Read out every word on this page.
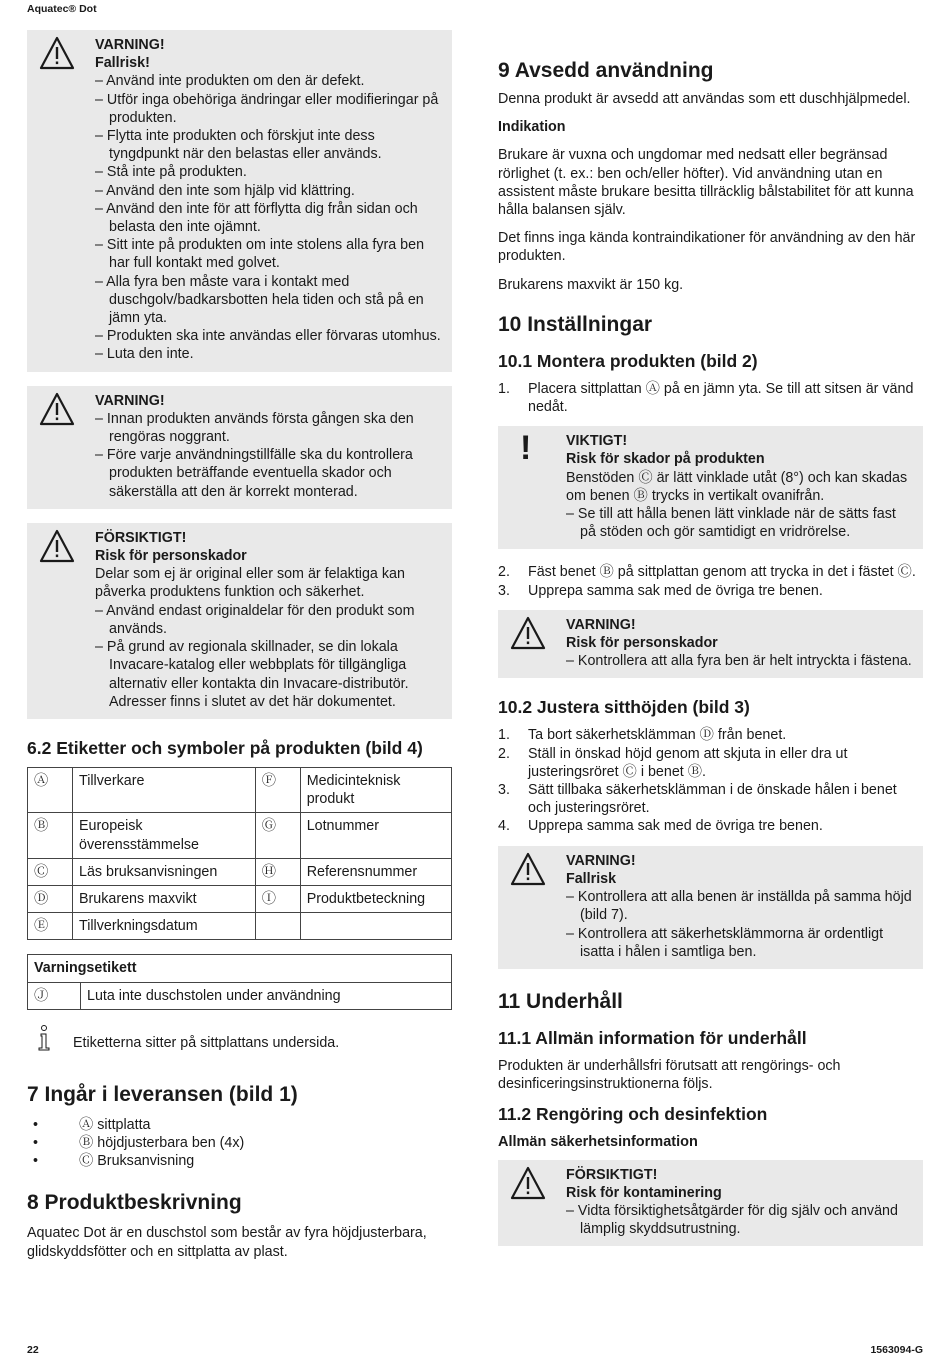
Aquatec® Dot
VARNING!
Fallrisk!
– Använd inte produkten om den är defekt.
– Utför inga obehöriga ändringar eller modifieringar på produkten.
– Flytta inte produkten och förskjut inte dess tyngdpunkt när den belastas eller används.
– Stå inte på produkten.
– Använd den inte som hjälp vid klättring.
– Använd den inte för att förflytta dig från sidan och belasta den inte ojämnt.
– Sitt inte på produkten om inte stolens alla fyra ben har full kontakt med golvet.
– Alla fyra ben måste vara i kontakt med duschgolv/badkarsbotten hela tiden och stå på en jämn yta.
– Produkten ska inte användas eller förvaras utomhus.
– Luta den inte.
VARNING!
– Innan produkten används första gången ska den rengöras noggrant.
– Före varje användningstillfälle ska du kontrollera produkten beträffande eventuella skador och säkerställa att den är korrekt monterad.
FÖRSIKTIGT!
Risk för personskador
Delar som ej är original eller som är felaktiga kan påverka produktens funktion och säkerhet.
– Använd endast originaldelar för den produkt som används.
– På grund av regionala skillnader, se din lokala Invacare-katalog eller webbplats för tillgängliga alternativ eller kontakta din Invacare-distributör. Adresser finns i slutet av det här dokumentet.
6.2 Etiketter och symboler på produkten (bild 4)
Ⓐ	Tillverkare	Ⓕ	Medicinteknisk produkt
Ⓑ	Europeisk överensstämmelse	Ⓖ	Lotnummer
Ⓒ	Läs bruksanvisningen	Ⓗ	Referensnummer
Ⓓ	Brukarens maxvikt	Ⓘ	Produktbeteckning
Ⓔ	Tillverkningsdatum		
Varningsetikett
Ⓙ	Luta inte duschstolen under användning
Etiketterna sitter på sittplattans undersida.
7 Ingår i leveransen (bild 1)
•	Ⓐ sittplatta
•	Ⓑ höjdjusterbara ben (4x)
•	Ⓒ Bruksanvisning
8 Produktbeskrivning

Aquatec Dot är en duschstol som består av fyra höjdjusterbara, glidskyddsfötter och en sittplatta av plast.

9 Avsedd användning

Denna produkt är avsedd att användas som ett duschhjälpmedel.

Indikation

Brukare är vuxna och ungdomar med nedsatt eller begränsad rörlighet (t. ex.: ben och/eller höfter). Vid användning utan en assistent måste brukare besitta tillräcklig bålstabilitet för att kunna hålla balansen själv.

Det finns inga kända kontraindikationer för användning av den här produkten.

Brukarens maxvikt är 150 kg.

10 Inställningar
10.1 Montera produkten (bild 2)
1.	Placera sittplattan Ⓐ på en jämn yta. Se till att sitsen är vänd nedåt.
! VIKTIGT!
Risk för skador på produkten
Benstöden Ⓒ är lätt vinklade utåt (8°) och kan skadas om benen Ⓑ trycks in vertikalt ovanifrån.
– Se till att hålla benen lätt vinklade när de sätts fast på stöden och gör samtidigt en vridrörelse.
2.	Fäst benet Ⓑ på sittplattan genom att trycka in det i fästet Ⓒ.
3.	Upprepa samma sak med de övriga tre benen.
VARNING!
Risk för personskador
– Kontrollera att alla fyra ben är helt intryckta i fästena.
10.2 Justera sitthöjden (bild 3)
1.	Ta bort säkerhetsklämman Ⓓ från benet.
2.	Ställ in önskad höjd genom att skjuta in eller dra ut justeringsröret Ⓒ i benet Ⓑ.
3.	Sätt tillbaka säkerhetsklämman i de önskade hålen i benet och justeringsröret.
4.	Upprepa samma sak med de övriga tre benen.
VARNING!
Fallrisk
– Kontrollera att alla benen är inställda på samma höjd (bild 7).
– Kontrollera att säkerhetsklämmorna är ordentligt isatta i hålen i samtliga ben.
11 Underhåll
11.1 Allmän information för underhåll

Produkten är underhållsfri förutsatt att rengörings- och desinficeringsinstruktionerna följs.

11.2 Rengöring och desinfektion
Allmän säkerhetsinformation
FÖRSIKTIGT!
Risk för kontaminering
– Vidta försiktighetsåtgärder för dig själv och använd lämplig skyddsutrustning.
22	1563094-G
